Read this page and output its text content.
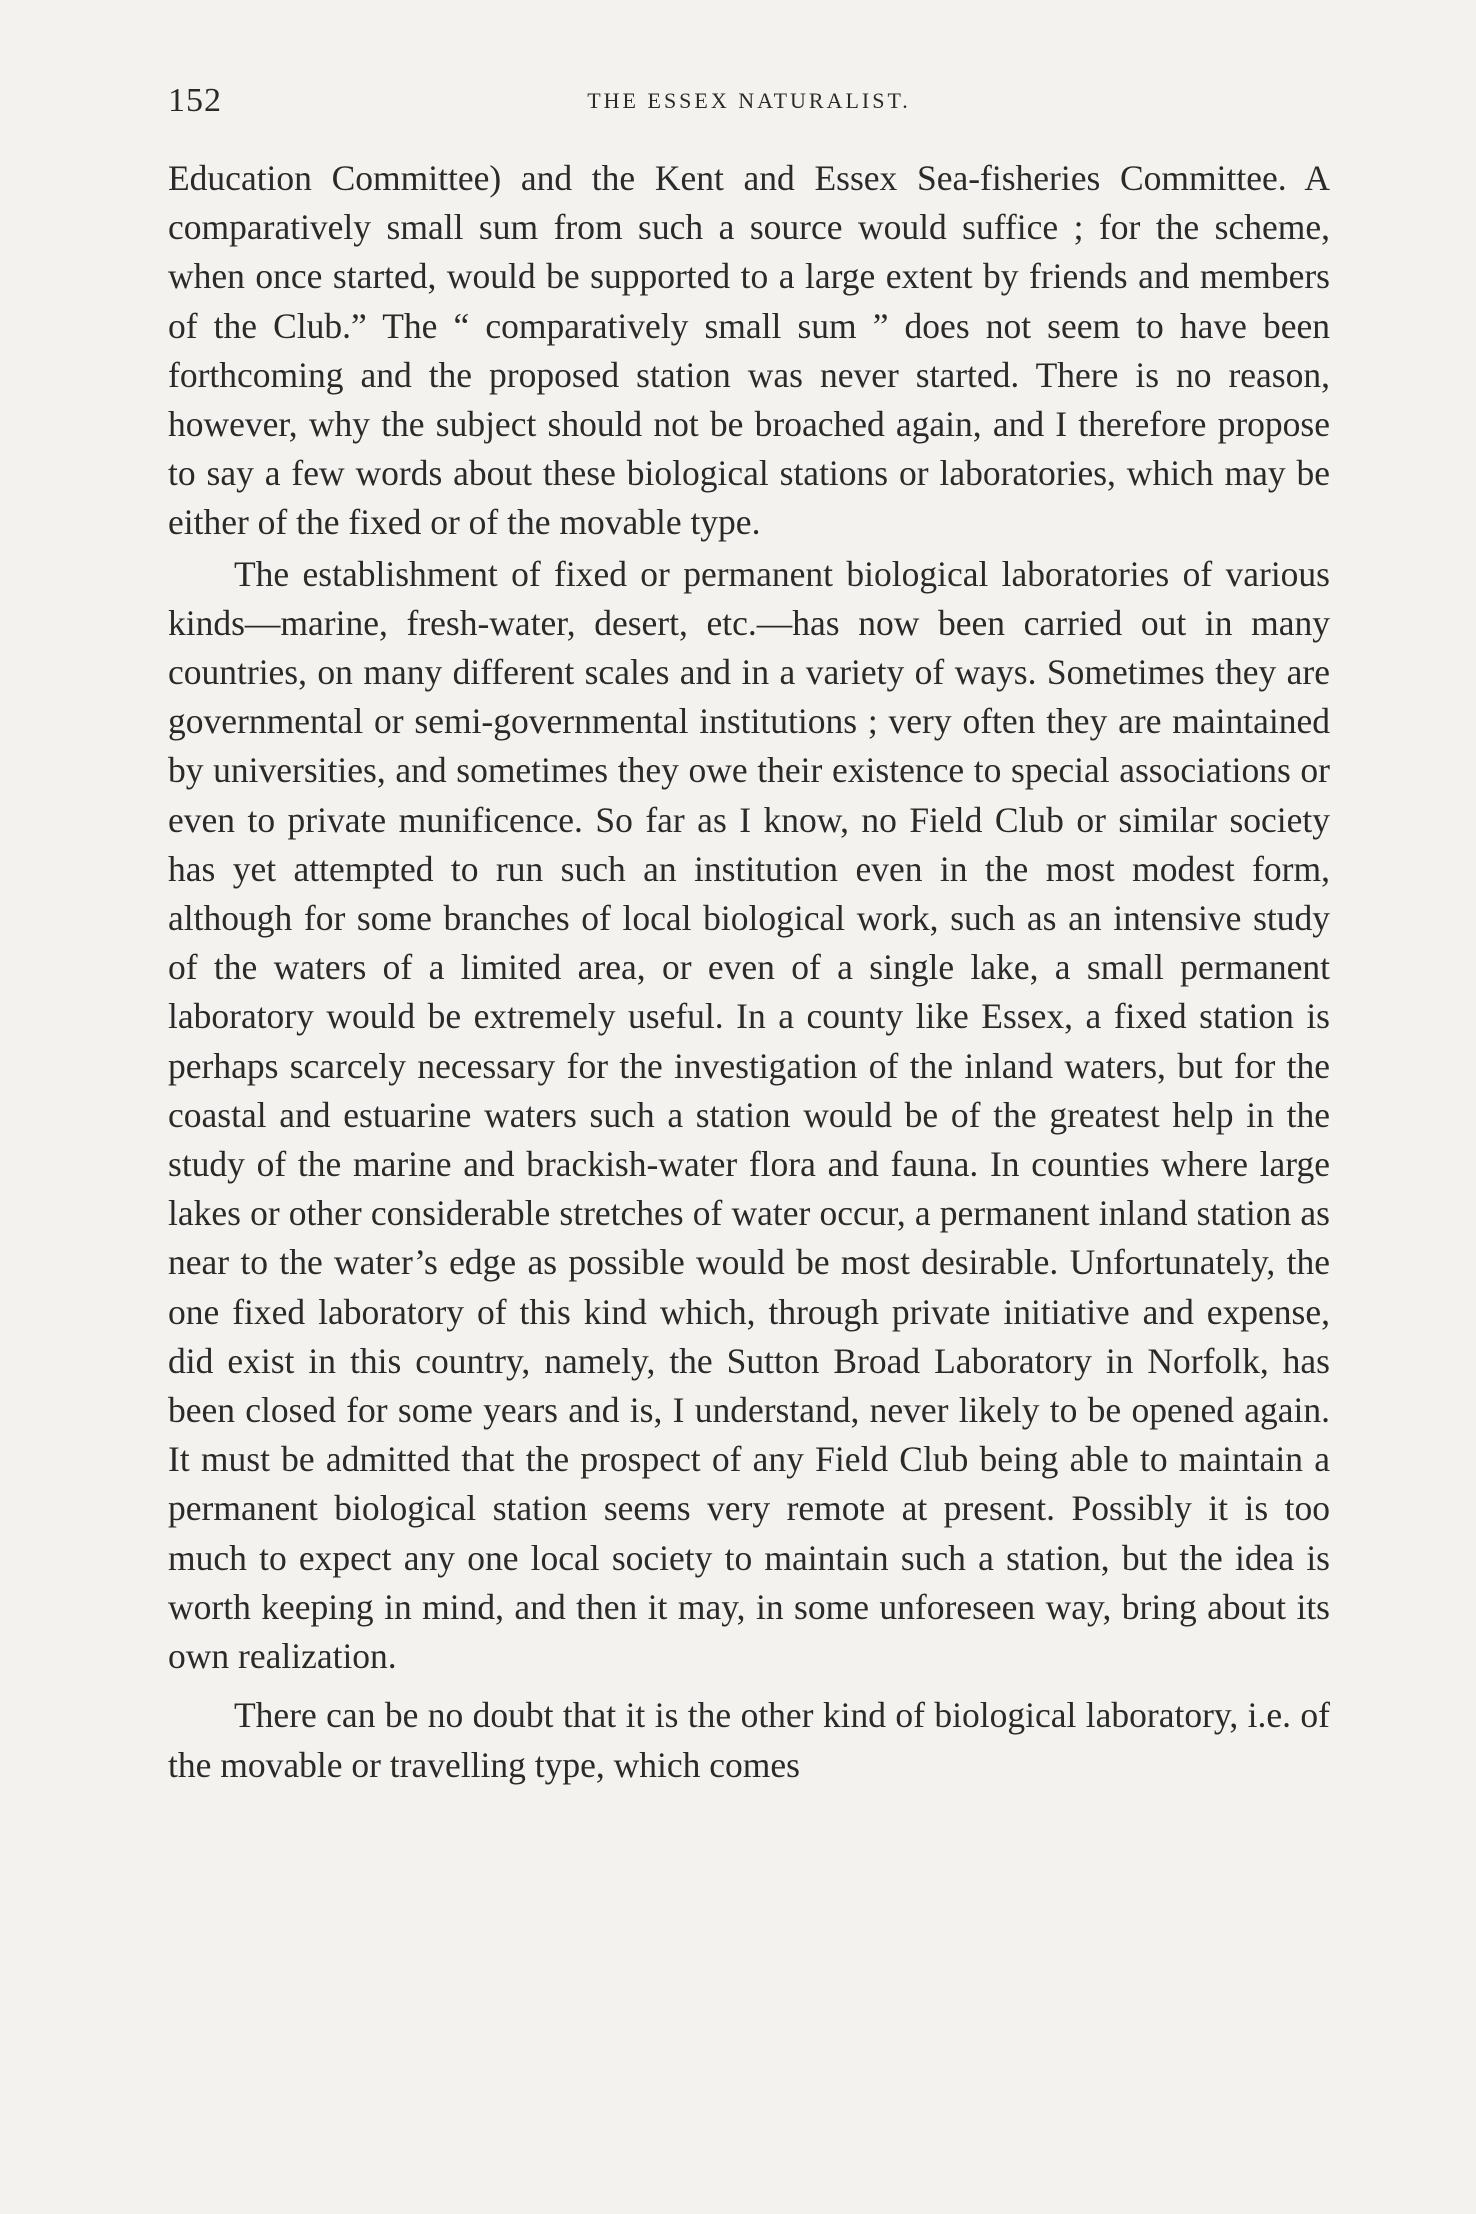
152	THE ESSEX NATURALIST.

Education Committee) and the Kent and Essex Sea-fisheries Committee. A comparatively small sum from such a source would suffice ; for the scheme, when once started, would be supported to a large extent by friends and members of the Club.” The “ comparatively small sum ” does not seem to have been forthcoming and the proposed station was never started. There is no reason, however, why the subject should not be broached again, and I therefore propose to say a few words about these biological stations or laboratories, which may be either of the fixed or of the movable type.

The establishment of fixed or permanent biological laboratories of various kinds—marine, fresh-water, desert, etc.—has now been carried out in many countries, on many different scales and in a variety of ways. Sometimes they are governmental or semi-governmental institutions ; very often they are maintained by universities, and sometimes they owe their existence to special associations or even to private munificence. So far as I know, no Field Club or similar society has yet attempted to run such an institution even in the most modest form, although for some branches of local biological work, such as an intensive study of the waters of a limited area, or even of a single lake, a small permanent laboratory would be extremely useful. In a county like Essex, a fixed station is perhaps scarcely necessary for the investigation of the inland waters, but for the coastal and estuarine waters such a station would be of the greatest help in the study of the marine and brackish-water flora and fauna. In counties where large lakes or other considerable stretches of water occur, a permanent inland station as near to the water’s edge as possible would be most desirable. Unfortunately, the one fixed laboratory of this kind which, through private initiative and expense, did exist in this country, namely, the Sutton Broad Laboratory in Norfolk, has been closed for some years and is, I understand, never likely to be opened again. It must be admitted that the prospect of any Field Club being able to maintain a permanent biological station seems very remote at present. Possibly it is too much to expect any one local society to maintain such a station, but the idea is worth keeping in mind, and then it may, in some unforeseen way, bring about its own realization.

There can be no doubt that it is the other kind of biological laboratory, i.e. of the movable or travelling type, which comes
